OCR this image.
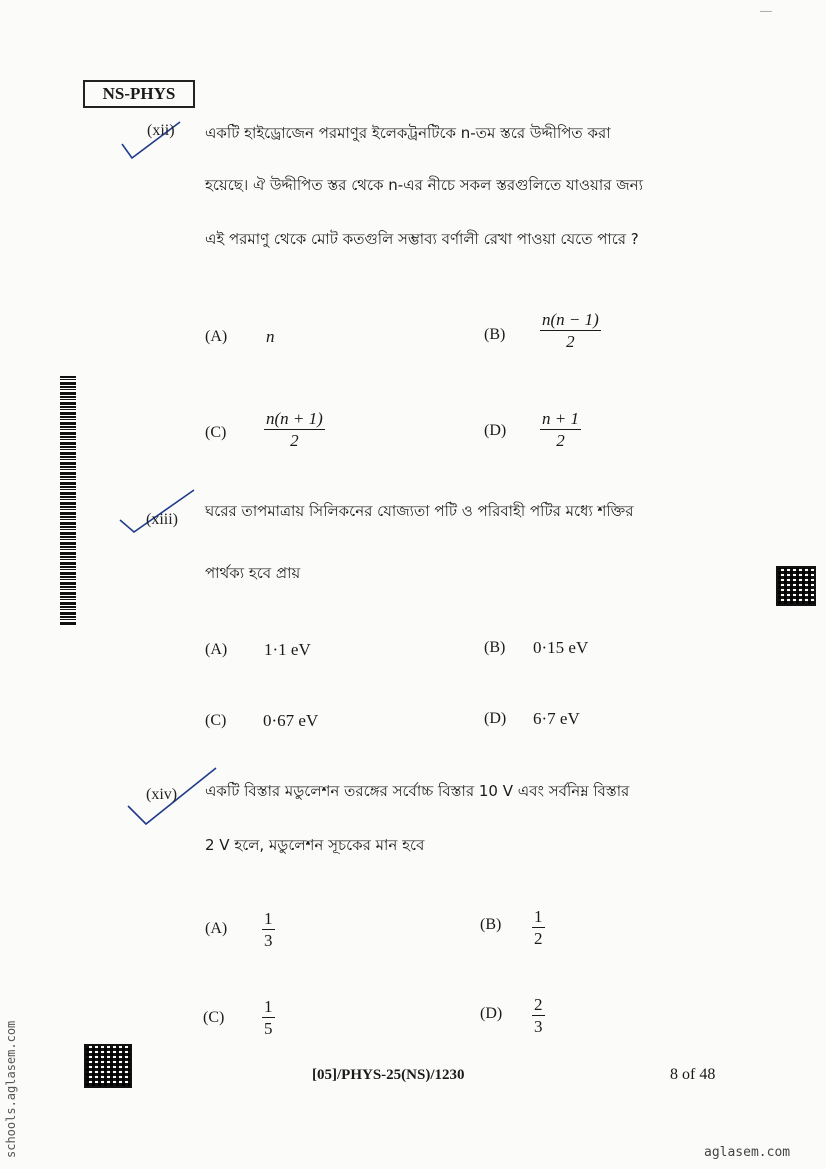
——
NS-PHYS
(xii) একটি হাইড্রোজেন পরমাণুর ইলেকট্রনটিকে n-তম স্তরে উদ্দীপিত করা
হয়েছে। ঐ উদ্দীপিত স্তর থেকে n-এর নীচে সকল স্তরগুলিতে যাওয়ার জন্য
এই পরমাণু থেকে মোট কতগুলি সম্ভাব্য বর্ণালী রেখা পাওয়া যেতে পারে ?
(A) n	$(B) \frac{n(n - 1)}{2}$
$(C) \frac{n(n + 1)}{2}$	$(D) \frac{n + 1}{2}$
(xiii) ঘরের তাপমাত্রায় সিলিকনের যোজ্যতা পটি ও পরিবাহী পটির মধ্যে শক্তির
পার্থক্য হবে প্রায়
(A) 1·1 eV	(B) 0·15 eV
(C) 0·67 eV	(D) 6·7 eV
(xiv) একটি বিস্তার মডুলেশন তরঙ্গের সর্বোচ্চ বিস্তার 10 V এবং সর্বনিম্ন বিস্তার
2 V হলে, মডুলেশন সূচকের মান হবে
$(A) \frac{1}{3}$	$(B) \frac{1}{2}$
$(C) \frac{1}{5}$	$(D) \frac{2}{3}$
[05]/PHYS-25(NS)/1230	8 of 48
aglasem.com
schools.aglasem.com
